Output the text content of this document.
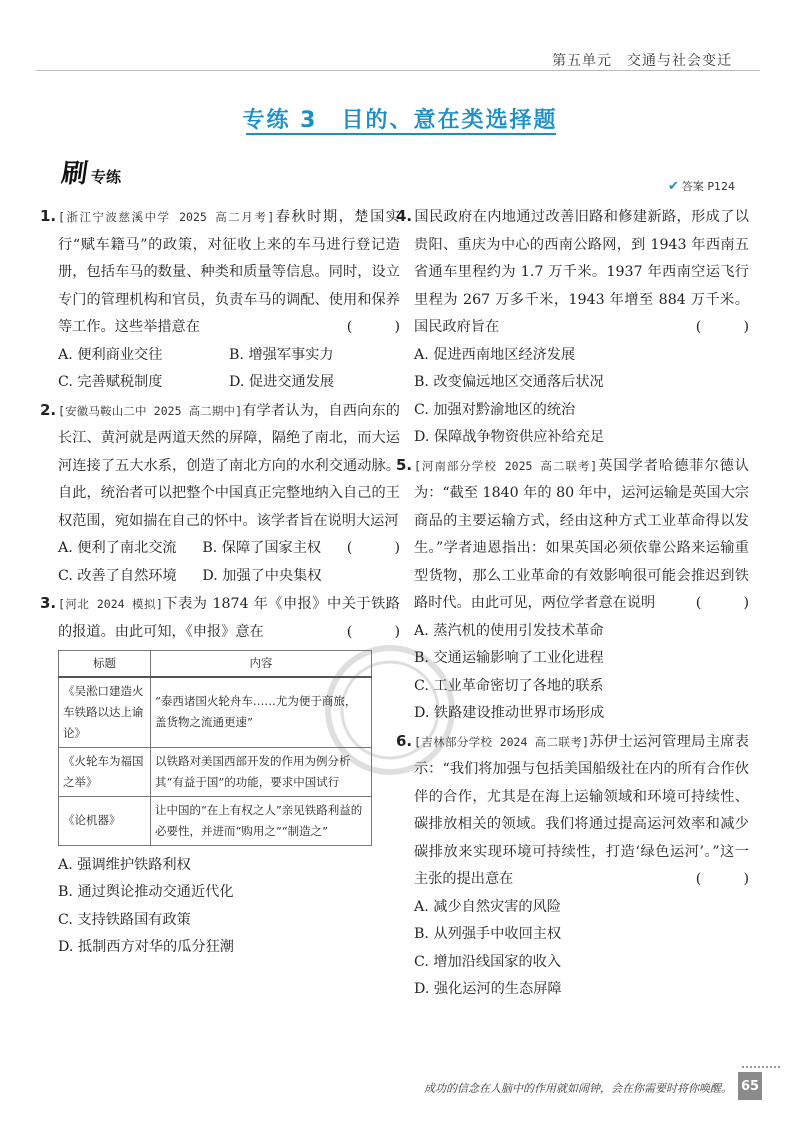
第五单元　交通与社会变迁
专练 3　目的、意在类选择题
刷 专练	✔ 答案 P124

1. [浙江宁波慈溪中学 2025 高二月考]春秋时期，楚国实行“赋车籍马”的政策，对征收上来的车马进行登记造册，包括车马的数量、种类和质量等信息。同时，设立专门的管理机构和官员，负责车马的调配、使用和保养等工作。这些举措意在	(　)

A. 便利商业交往	B. 增强军事实力
C. 完善赋税制度	D. 促进交通发展

2. [安徽马鞍山二中 2025 高二期中]有学者认为，自西向东的长江、黄河就是两道天然的屏障，隔绝了南北，而大运河连接了五大水系，创造了南北方向的水利交通动脉。自此，统治者可以把整个中国真正完整地纳入自己的王权范围，宛如揣在自己的怀中。该学者旨在说明大运河
(　)

A. 便利了南北交流	B. 保障了国家主权
C. 改善了自然环境	D. 加强了中央集权

3. [河北 2024 模拟]下表为 1874 年《申报》中关于铁路的报道。由此可知，《申报》意在	(　)

标题	内容
《吴淞口建造火车铁路以达上谕论》	“泰西诸国火轮舟车……尤为便于商旅，盖货物之流通更速”
《火轮车为福国之举》	以铁路对美国西部开发的作用为例分析其“有益于国”的功能，要求中国试行
《论机器》	让中国的“在上有权之人”亲见铁路利益的必要性，并进而“购用之”“制造之”
A. 强调维护铁路利权
B. 通过舆论推动交通近代化
C. 支持铁路国有政策
D. 抵制西方对华的瓜分狂潮

4. 国民政府在内地通过改善旧路和修建新路，形成了以贵阳、重庆为中心的西南公路网，到 1943 年西南五省通车里程约为 1.7 万千米。1937 年西南空运飞行里程为 267 万多千米，1943 年增至 884 万千米。国民政府旨在	(　)

A. 促进西南地区经济发展
B. 改变偏远地区交通落后状况
C. 加强对黔渝地区的统治
D. 保障战争物资供应补给充足

5. [河南部分学校 2025 高二联考]英国学者哈德菲尔德认为：“截至 1840 年的 80 年中，运河运输是英国大宗商品的主要运输方式，经由这种方式工业革命得以发生。”学者迪恩指出：如果英国必须依靠公路来运输重型货物，那么工业革命的有效影响很可能会推迟到铁路时代。由此可见，两位学者意在说明	(　)

A. 蒸汽机的使用引发技术革命
B. 交通运输影响了工业化进程
C. 工业革命密切了各地的联系
D. 铁路建设推动世界市场形成

6. [吉林部分学校 2024 高二联考]苏伊士运河管理局主席表示：“我们将加强与包括美国船级社在内的所有合作伙伴的合作，尤其是在海上运输领域和环境可持续性、碳排放相关的领域。我们将通过提高运河效率和减少碳排放来实现环境可持续性，打造‘绿色运河’。”这一主张的提出意在	(　)

A. 减少自然灾害的风险
B. 从列强手中收回主权
C. 增加沿线国家的收入
D. 强化运河的生态屏障
成功的信念在人脑中的作用就如闹钟，会在你需要时将你唤醒。 65
